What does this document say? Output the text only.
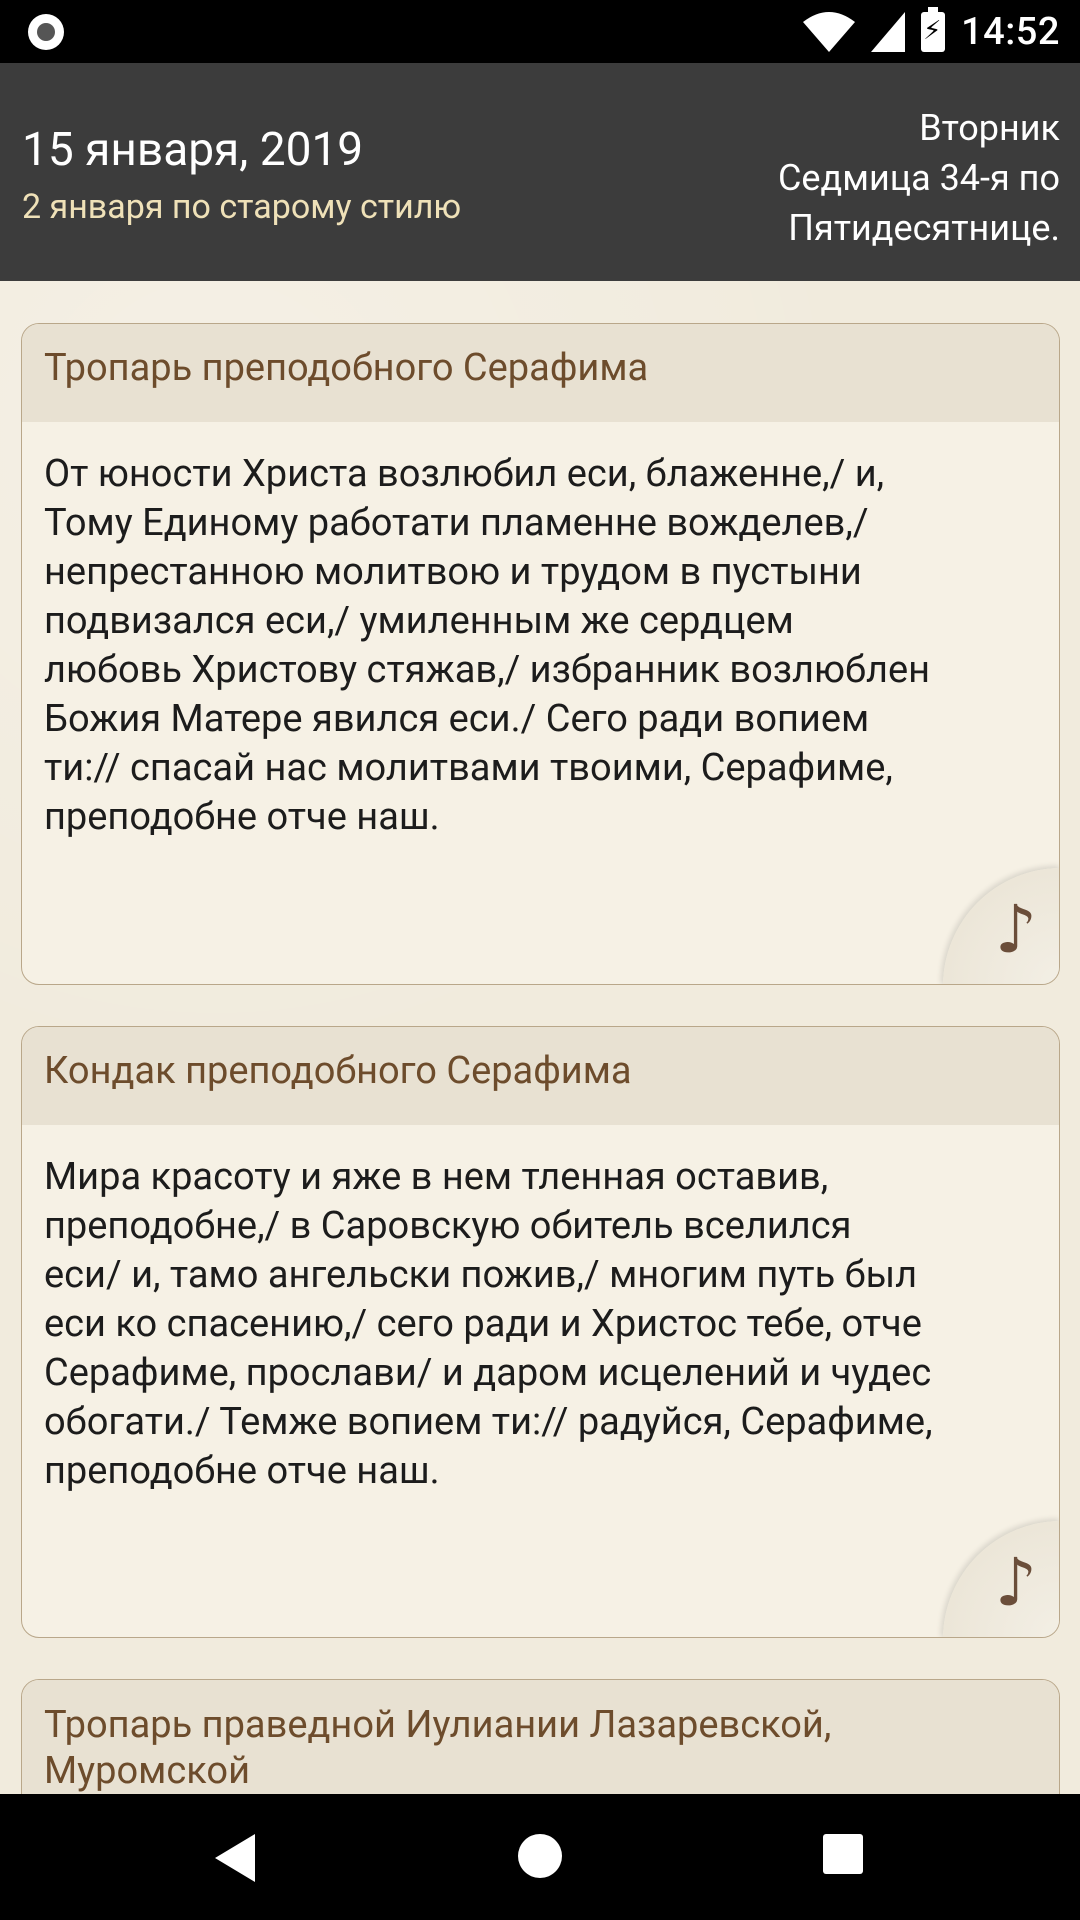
⚡
14:52
15 января, 2019
2 января по старому стилю
Вторник
Седмица 34-я по
Пятидесятнице.
Тропарь преподобного Серафима
От юности Христа возлюбил еси, блаженне,/ и,
Тому Единому работати пламенне вожделев,/
непрестанною молитвою и трудом в пустыни
подвизался еси,/ умиленным же сердцем
любовь Христову стяжав,/ избранник возлюблен
Божия Матере явился еси./ Сего ради вопием
ти:// спасай нас молитвами твоими, Серафиме,
преподобне отче наш.
♪
Кондак преподобного Серафима
Мира красоту и яже в нем тленная оставив,
преподобне,/ в Саровскую обитель вселился
еси/ и, тамо ангельски пожив,/ многим путь был
еси ко спасению,/ сего ради и Христос тебе, отче
Серафиме, прослави/ и даром исцелений и чудес
обогати./ Темже вопием ти:// радуйся, Серафиме,
преподобне отче наш.
♪
Тропарь праведной Иулиании Лазаревской,
Муромской
